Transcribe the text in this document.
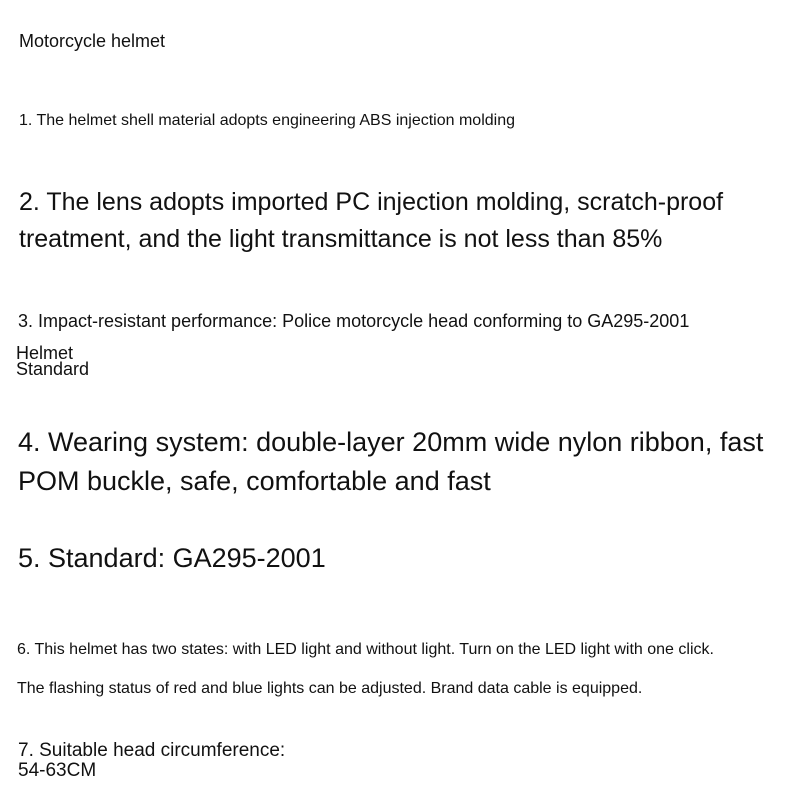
Motorcycle helmet

1. The helmet shell material adopts engineering ABS injection molding

2. The lens adopts imported PC injection molding, scratch-proof treatment, and the light transmittance is not less than 85%

3. Impact-resistant performance: Police motorcycle head conforming to GA295-2001

Helmet

Standard

4. Wearing system: double-layer 20mm wide nylon ribbon, fast POM buckle, safe, comfortable and fast

5. Standard: GA295-2001

6. This helmet has two states: with LED light and without light. Turn on the LED light with one click. The flashing status of red and blue lights can be adjusted. Brand data cable is equipped.

7. Suitable head circumference:

54-63CM
